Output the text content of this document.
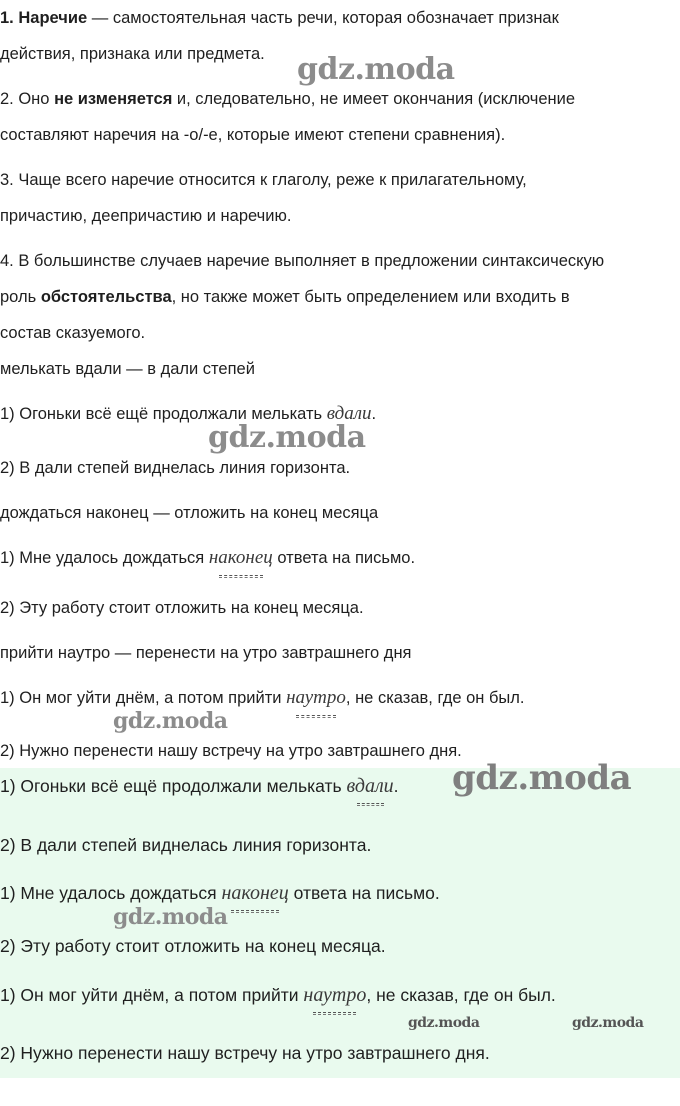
1. Наречие — самостоятельная часть речи, которая обозначает признак
действия, признака или предмета.
2. Оно не изменяется и, следовательно, не имеет окончания (исключение
составляют наречия на -о/-е, которые имеют степени сравнения).
3. Чаще всего наречие относится к глаголу, реже к прилагательному,
причастию, деепричастию и наречию.
4. В большинстве случаев наречие выполняет в предложении синтаксическую
роль обстоятельства, но также может быть определением или входить в
состав сказуемого.
мелькать вдали — в дали степей
1) Огоньки всё ещё продолжали мелькать вдали.
2) В дали степей виднелась линия горизонта.
дождаться наконец — отложить на конец месяца
1) Мне удалось дождаться наконец
ответа на письмо.
2) Эту работу стоит отложить на конец месяца.
прийти наутро — перенести на утро завтрашнего дня
1) Он мог уйти днём, а потом прийти наутро
, не сказав, где он был.
2) Нужно перенести нашу встречу на утро завтрашнего дня.
1) Огоньки всё ещё продолжали мелькать вдали
.
2) В дали степей виднелась линия горизонта.
1) Мне удалось дождаться наконец
ответа на письмо.
2) Эту работу стоит отложить на конец месяца.
1) Он мог уйти днём, а потом прийти наутро
, не сказав, где он был.
2) Нужно перенести нашу встречу на утро завтрашнего дня.
gdz.moda
gdz.moda
gdz.moda
gdz.moda
gdz.moda
gdz.moda	gdz.moda
